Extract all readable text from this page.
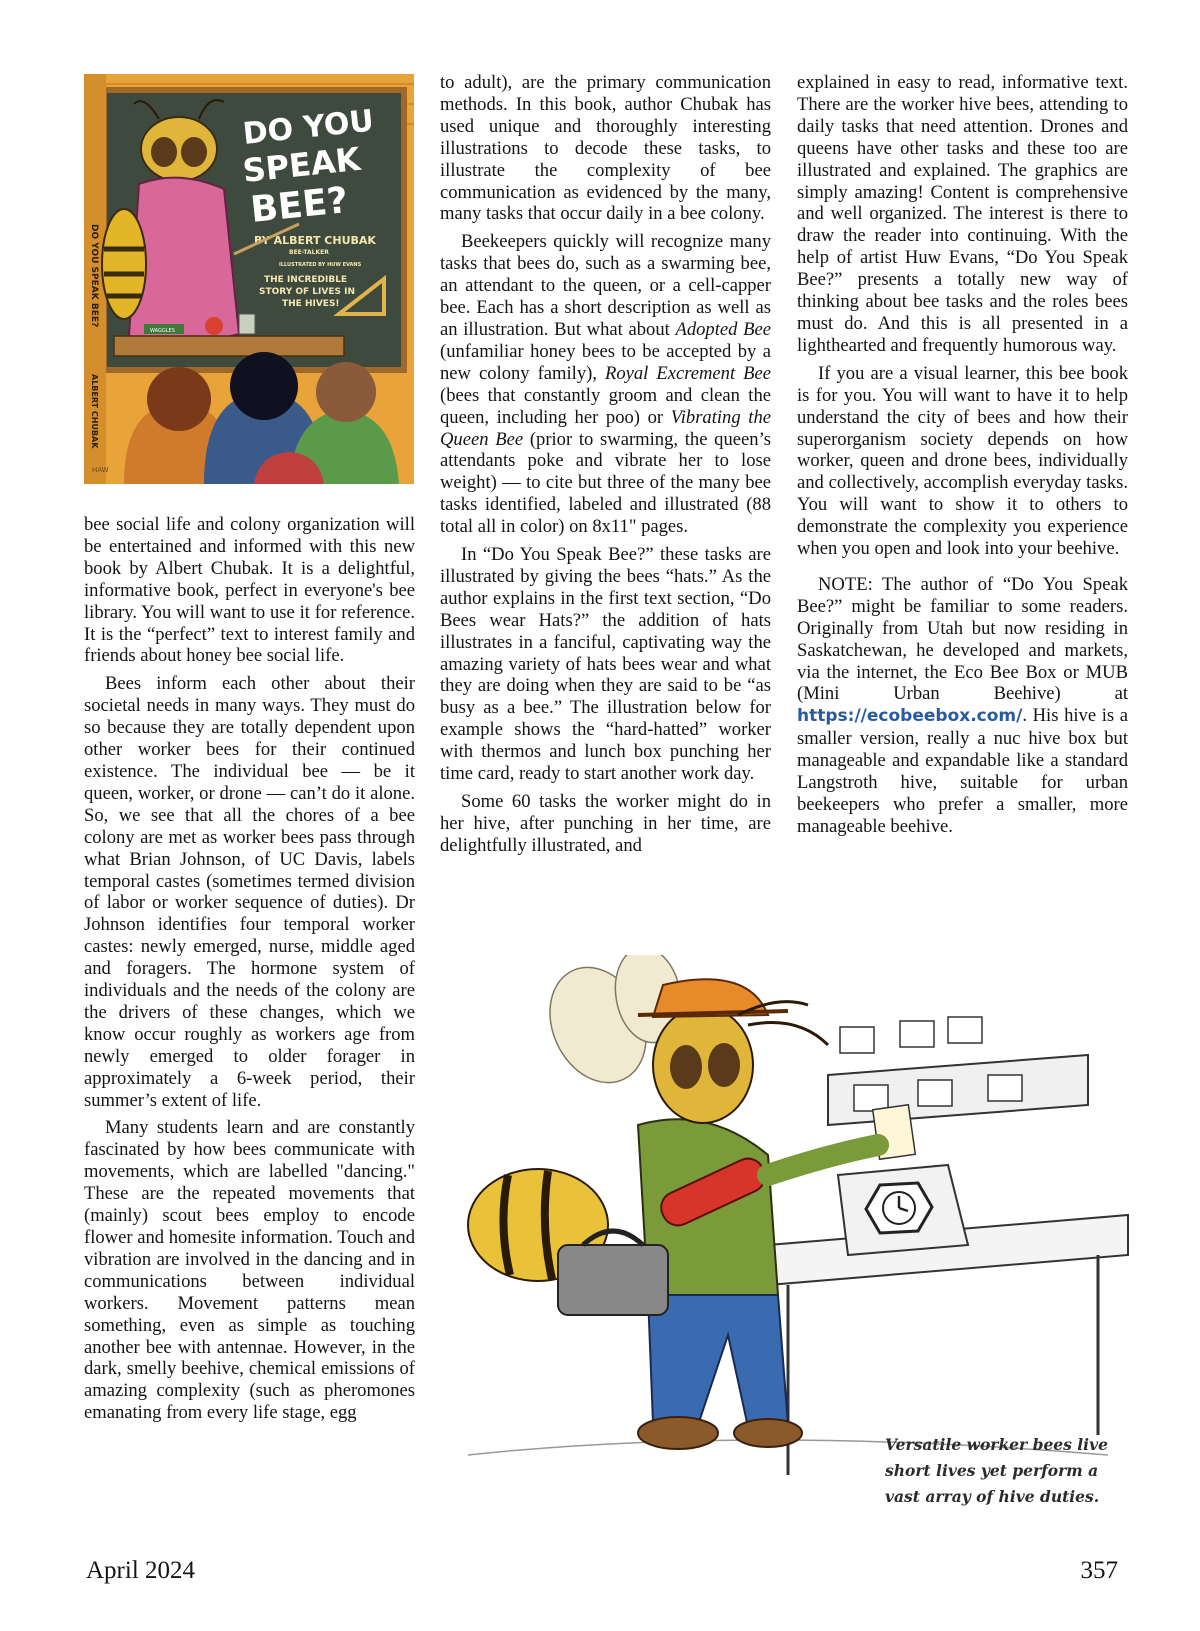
DO YOU SPEAK BEE?
ALBERT CHUBAK
DO YOU
SPEAK
BEE?
BY ALBERT CHUBAK
BEE-TALKER
ILLUSTRATED BY HUW EVANS
THE INCREDIBLE
STORY OF LIVES IN
THE HIVES!
HAW
WAGGLES

bee social life and colony organization will be entertained and informed with this new book by Albert Chubak. It is a delightful, informative book, perfect in everyone's bee library. You will want to use it for reference. It is the “perfect” text to interest family and friends about honey bee social life.

Bees inform each other about their societal needs in many ways. They must do so because they are totally dependent upon other worker bees for their continued existence. The individual bee — be it queen, worker, or drone — can’t do it alone. So, we see that all the chores of a bee colony are met as worker bees pass through what Brian Johnson, of UC Davis, labels temporal castes (sometimes termed division of labor or worker sequence of duties). Dr Johnson identifies four temporal worker castes: newly emerged, nurse, middle aged and foragers. The hormone system of individuals and the needs of the colony are the drivers of these changes, which we know occur roughly as workers age from newly emerged to older forager in approximately a 6-week period, their summer’s extent of life.

Many students learn and are constantly fascinated by how bees communicate with movements, which are labelled "dancing." These are the repeated movements that (mainly) scout bees employ to encode flower and homesite information. Touch and vibration are involved in the dancing and in communications between individual workers. Movement patterns mean something, even as simple as touching another bee with antennae. However, in the dark, smelly beehive, chemical emissions of amazing complexity (such as pheromones emanating from every life stage, egg

to adult), are the primary communication methods. In this book, author Chubak has used unique and thoroughly interesting illustrations to decode these tasks, to illustrate the complexity of bee communication as evidenced by the many, many tasks that occur daily in a bee colony.

Beekeepers quickly will recognize many tasks that bees do, such as a swarming bee, an attendant to the queen, or a cell-capper bee. Each has a short description as well as an illustration. But what about Adopted Bee (unfamiliar honey bees to be accepted by a new colony family), Royal Excrement Bee (bees that constantly groom and clean the queen, including her poo) or Vibrating the Queen Bee (prior to swarming, the queen’s attendants poke and vibrate her to lose weight) — to cite but three of the many bee tasks identified, labeled and illustrated (88 total all in color) on 8x11" pages.

In “Do You Speak Bee?” these tasks are illustrated by giving the bees “hats.” As the author explains in the first text section, “Do Bees wear Hats?” the addition of hats illustrates in a fanciful, captivating way the amazing variety of hats bees wear and what they are doing when they are said to be “as busy as a bee.” The illustration below for example shows the “hard-hatted” worker with thermos and lunch box punching her time card, ready to start another work day.

Some 60 tasks the worker might do in her hive, after punching in her time, are delightfully illustrated, and

explained in easy to read, informative text. There are the worker hive bees, attending to daily tasks that need attention. Drones and queens have other tasks and these too are illustrated and explained. The graphics are simply amazing! Content is comprehensive and well organized. The interest is there to draw the reader into continuing. With the help of artist Huw Evans, “Do You Speak Bee?” presents a totally new way of thinking about bee tasks and the roles bees must do. And this is all presented in a lighthearted and frequently humorous way.

If you are a visual learner, this bee book is for you. You will want to have it to help understand the city of bees and how their superorganism society depends on how worker, queen and drone bees, individually and collectively, accomplish everyday tasks. You will want to show it to others to demonstrate the complexity you experience when you open and look into your beehive.

NOTE: The author of “Do You Speak Bee?” might be familiar to some readers. Originally from Utah but now residing in Saskatchewan, he developed and markets, via the internet, the Eco Bee Box or MUB (Mini Urban Beehive) at https://ecobeebox.com/. His hive is a smaller version, really a nuc hive box but manageable and expandable like a standard Langstroth hive, suitable for urban beekeepers who prefer a smaller, more manageable beehive.

Versatile worker bees live
short lives yet perform a
vast array of hive duties.
April 2024	357
